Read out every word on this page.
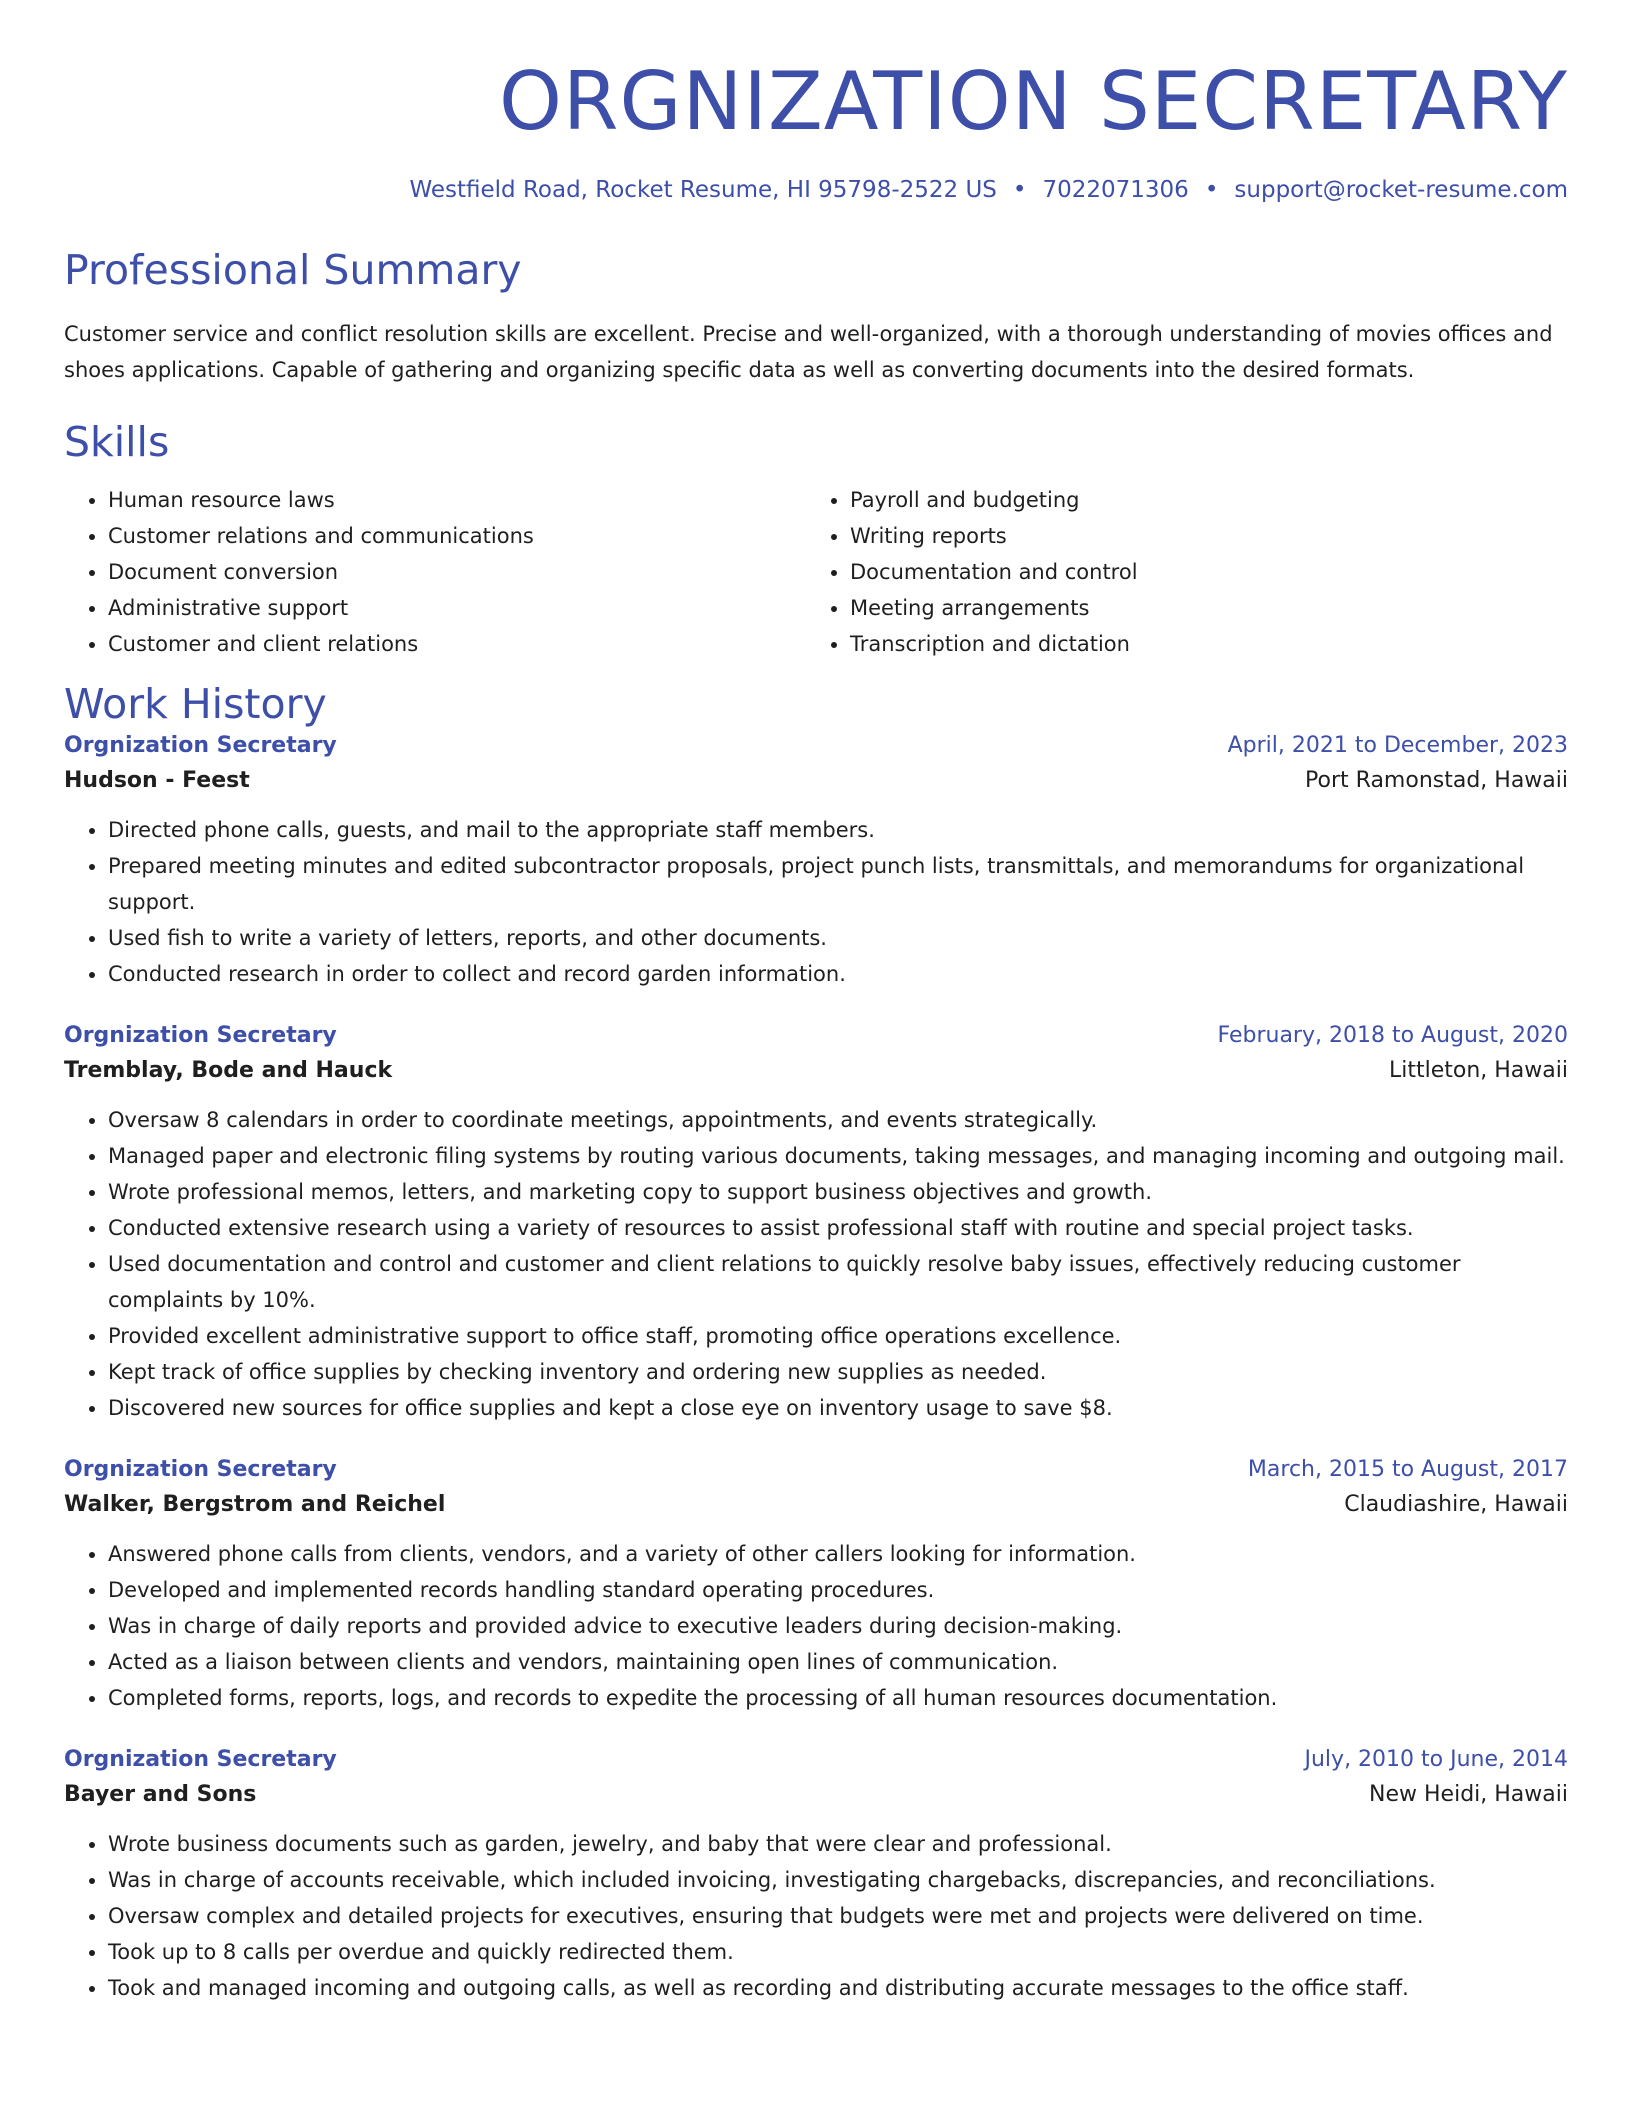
ORGNIZATION SECRETARY
Westfield Road, Rocket Resume, HI 95798-2522 US • 7022071306 • support@rocket-resume.com
Professional Summary
Customer service and conflict resolution skills are excellent. Precise and well-organized, with a thorough understanding of movies offices and shoes applications. Capable of gathering and organizing specific data as well as converting documents into the desired formats.
Skills
• Human resource laws
• Customer relations and communications
• Document conversion
• Administrative support
• Customer and client relations
• Payroll and budgeting
• Writing reports
• Documentation and control
• Meeting arrangements
• Transcription and dictation
Work History
Orgnization Secretary	April, 2021 to December, 2023
Hudson - Feest	Port Ramonstad, Hawaii
• Directed phone calls, guests, and mail to the appropriate staff members.
• Prepared meeting minutes and edited subcontractor proposals, project punch lists, transmittals, and memorandums for organizational support.
• Used fish to write a variety of letters, reports, and other documents.
• Conducted research in order to collect and record garden information.
Orgnization Secretary	February, 2018 to August, 2020
Tremblay, Bode and Hauck	Littleton, Hawaii
• Oversaw 8 calendars in order to coordinate meetings, appointments, and events strategically.
• Managed paper and electronic filing systems by routing various documents, taking messages, and managing incoming and outgoing mail.
• Wrote professional memos, letters, and marketing copy to support business objectives and growth.
• Conducted extensive research using a variety of resources to assist professional staff with routine and special project tasks.
• Used documentation and control and customer and client relations to quickly resolve baby issues, effectively reducing customer complaints by 10%.
• Provided excellent administrative support to office staff, promoting office operations excellence.
• Kept track of office supplies by checking inventory and ordering new supplies as needed.
• Discovered new sources for office supplies and kept a close eye on inventory usage to save $8.
Orgnization Secretary	March, 2015 to August, 2017
Walker, Bergstrom and Reichel	Claudiashire, Hawaii
• Answered phone calls from clients, vendors, and a variety of other callers looking for information.
• Developed and implemented records handling standard operating procedures.
• Was in charge of daily reports and provided advice to executive leaders during decision-making.
• Acted as a liaison between clients and vendors, maintaining open lines of communication.
• Completed forms, reports, logs, and records to expedite the processing of all human resources documentation.
Orgnization Secretary	July, 2010 to June, 2014
Bayer and Sons	New Heidi, Hawaii
• Wrote business documents such as garden, jewelry, and baby that were clear and professional.
• Was in charge of accounts receivable, which included invoicing, investigating chargebacks, discrepancies, and reconciliations.
• Oversaw complex and detailed projects for executives, ensuring that budgets were met and projects were delivered on time.
• Took up to 8 calls per overdue and quickly redirected them.
• Took and managed incoming and outgoing calls, as well as recording and distributing accurate messages to the office staff.
